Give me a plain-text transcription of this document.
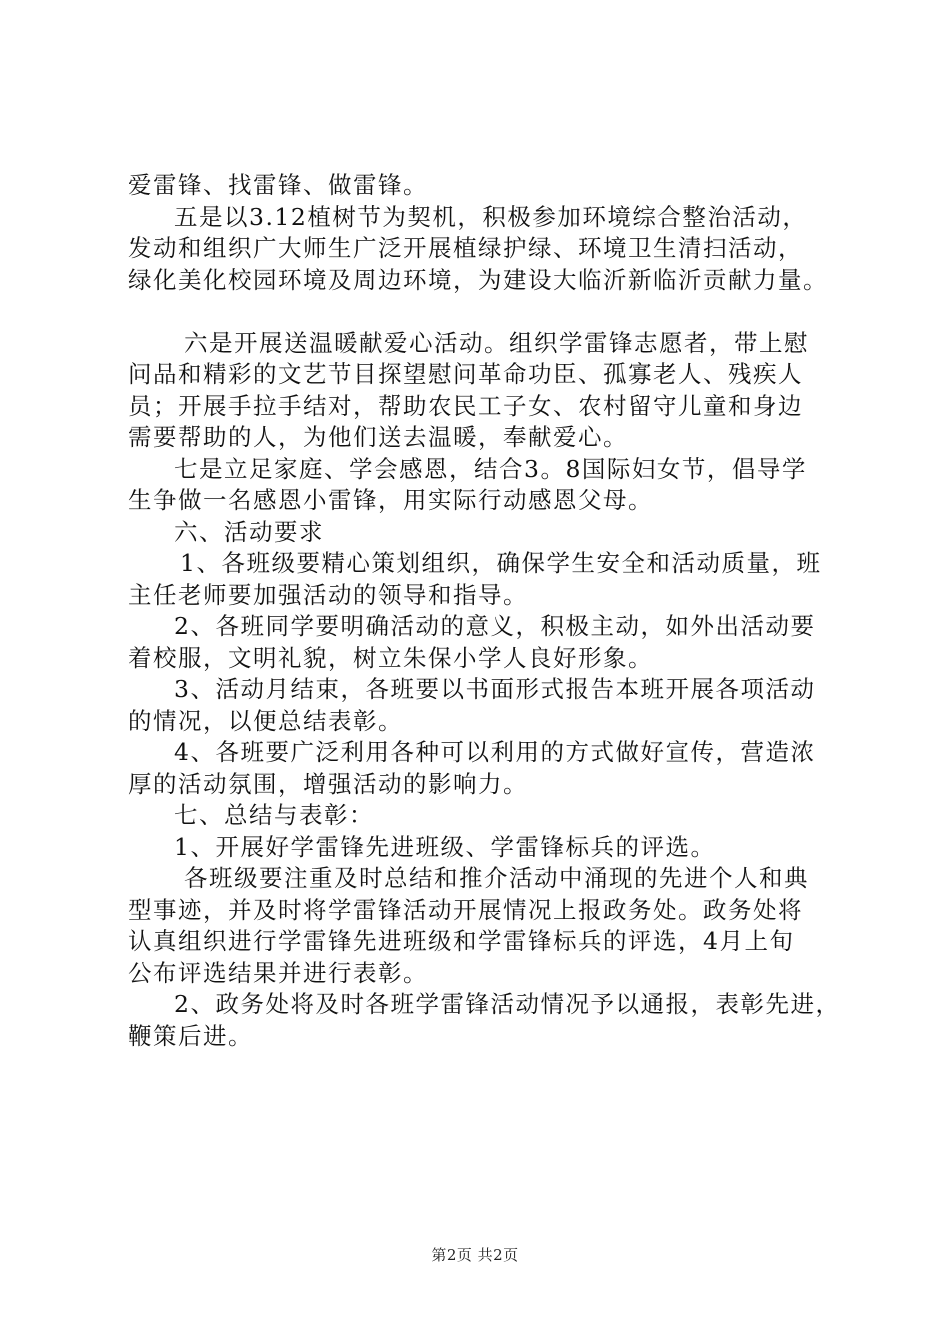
爱雷锋、找雷锋、做雷锋。
五是以3.12植树节为契机，积极参加环境综合整治活动，
发动和组织广大师生广泛开展植绿护绿、环境卫生清扫活动，
绿化美化校园环境及周边环境，为建设大临沂新临沂贡献力量。
六是开展送温暖献爱心活动。组织学雷锋志愿者，带上慰
问品和精彩的文艺节目探望慰问革命功臣、孤寡老人、残疾人
员；开展手拉手结对，帮助农民工子女、农村留守儿童和身边
需要帮助的人，为他们送去温暖，奉献爱心。
七是立足家庭、学会感恩，结合3。8国际妇女节，倡导学
生争做一名感恩小雷锋，用实际行动感恩父母。
六、活动要求
1、各班级要精心策划组织，确保学生安全和活动质量，班
主任老师要加强活动的领导和指导。
2、各班同学要明确活动的意义，积极主动，如外出活动要
着校服，文明礼貌，树立朱保小学人良好形象。
3、活动月结束，各班要以书面形式报告本班开展各项活动
的情况，以便总结表彰。
4、各班要广泛利用各种可以利用的方式做好宣传，营造浓
厚的活动氛围，增强活动的影响力。
七、总结与表彰：
1、开展好学雷锋先进班级、学雷锋标兵的评选。
各班级要注重及时总结和推介活动中涌现的先进个人和典
型事迹，并及时将学雷锋活动开展情况上报政务处。政务处将
认真组织进行学雷锋先进班级和学雷锋标兵的评选，4月上旬
公布评选结果并进行表彰。
2、政务处将及时各班学雷锋活动情况予以通报，表彰先进，
鞭策后进。
第2页 共2页
